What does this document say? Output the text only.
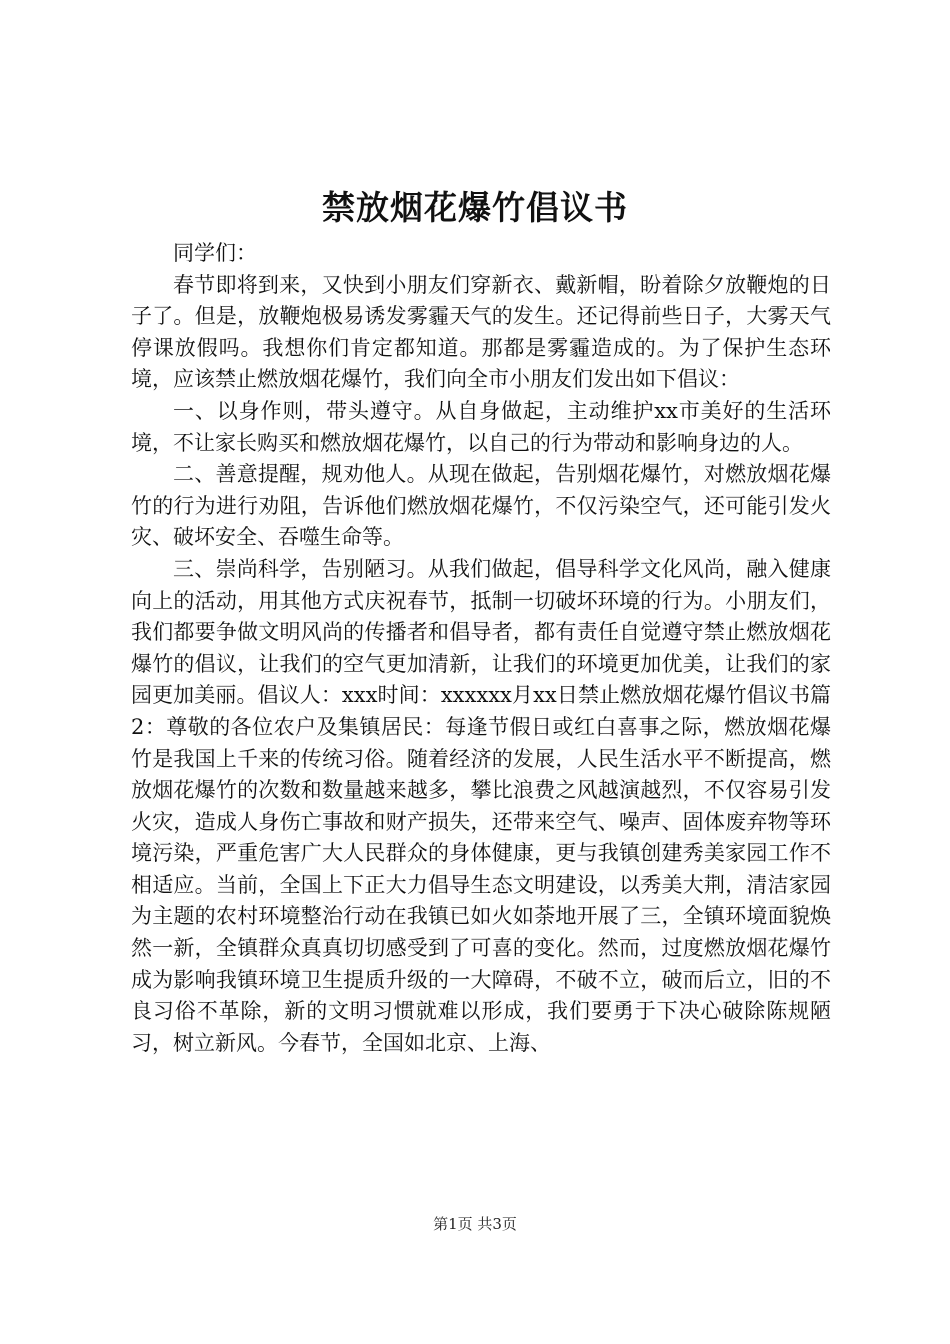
禁放烟花爆竹倡议书

同学们：

春节即将到来，又快到小朋友们穿新衣、戴新帽，盼着除夕放鞭炮的日子了。但是，放鞭炮极易诱发雾霾天气的发生。还记得前些日子，大雾天气停课放假吗。我想你们肯定都知道。那都是雾霾造成的。为了保护生态环境，应该禁止燃放烟花爆竹，我们向全市小朋友们发出如下倡议：

一、以身作则，带头遵守。从自身做起，主动维护xx市美好的生活环境，不让家长购买和燃放烟花爆竹，以自己的行为带动和影响身边的人。

二、善意提醒，规劝他人。从现在做起，告别烟花爆竹，对燃放烟花爆竹的行为进行劝阻，告诉他们燃放烟花爆竹，不仅污染空气，还可能引发火灾、破坏安全、吞噬生命等。

三、崇尚科学，告别陋习。从我们做起，倡导科学文化风尚，融入健康向上的活动，用其他方式庆祝春节，抵制一切破坏环境的行为。小朋友们，我们都要争做文明风尚的传播者和倡导者，都有责任自觉遵守禁止燃放烟花爆竹的倡议，让我们的空气更加清新，让我们的环境更加优美，让我们的家园更加美丽。倡议人：xxx时间：xxxxxx月xx日禁止燃放烟花爆竹倡议书篇2：尊敬的各位农户及集镇居民：每逢节假日或红白喜事之际，燃放烟花爆竹是我国上千来的传统习俗。随着经济的发展，人民生活水平不断提高，燃放烟花爆竹的次数和数量越来越多，攀比浪费之风越演越烈，不仅容易引发火灾，造成人身伤亡事故和财产损失，还带来空气、噪声、固体废弃物等环境污染，严重危害广大人民群众的身体健康，更与我镇创建秀美家园工作不相适应。当前，全国上下正大力倡导生态文明建设，以秀美大荆，清洁家园为主题的农村环境整治行动在我镇已如火如荼地开展了三，全镇环境面貌焕然一新，全镇群众真真切切感受到了可喜的变化。然而，过度燃放烟花爆竹成为影响我镇环境卫生提质升级的一大障碍，不破不立，破而后立，旧的不良习俗不革除，新的文明习惯就难以形成，我们要勇于下决心破除陈规陋习，树立新风。今春节，全国如北京、上海、

第1页 共3页
